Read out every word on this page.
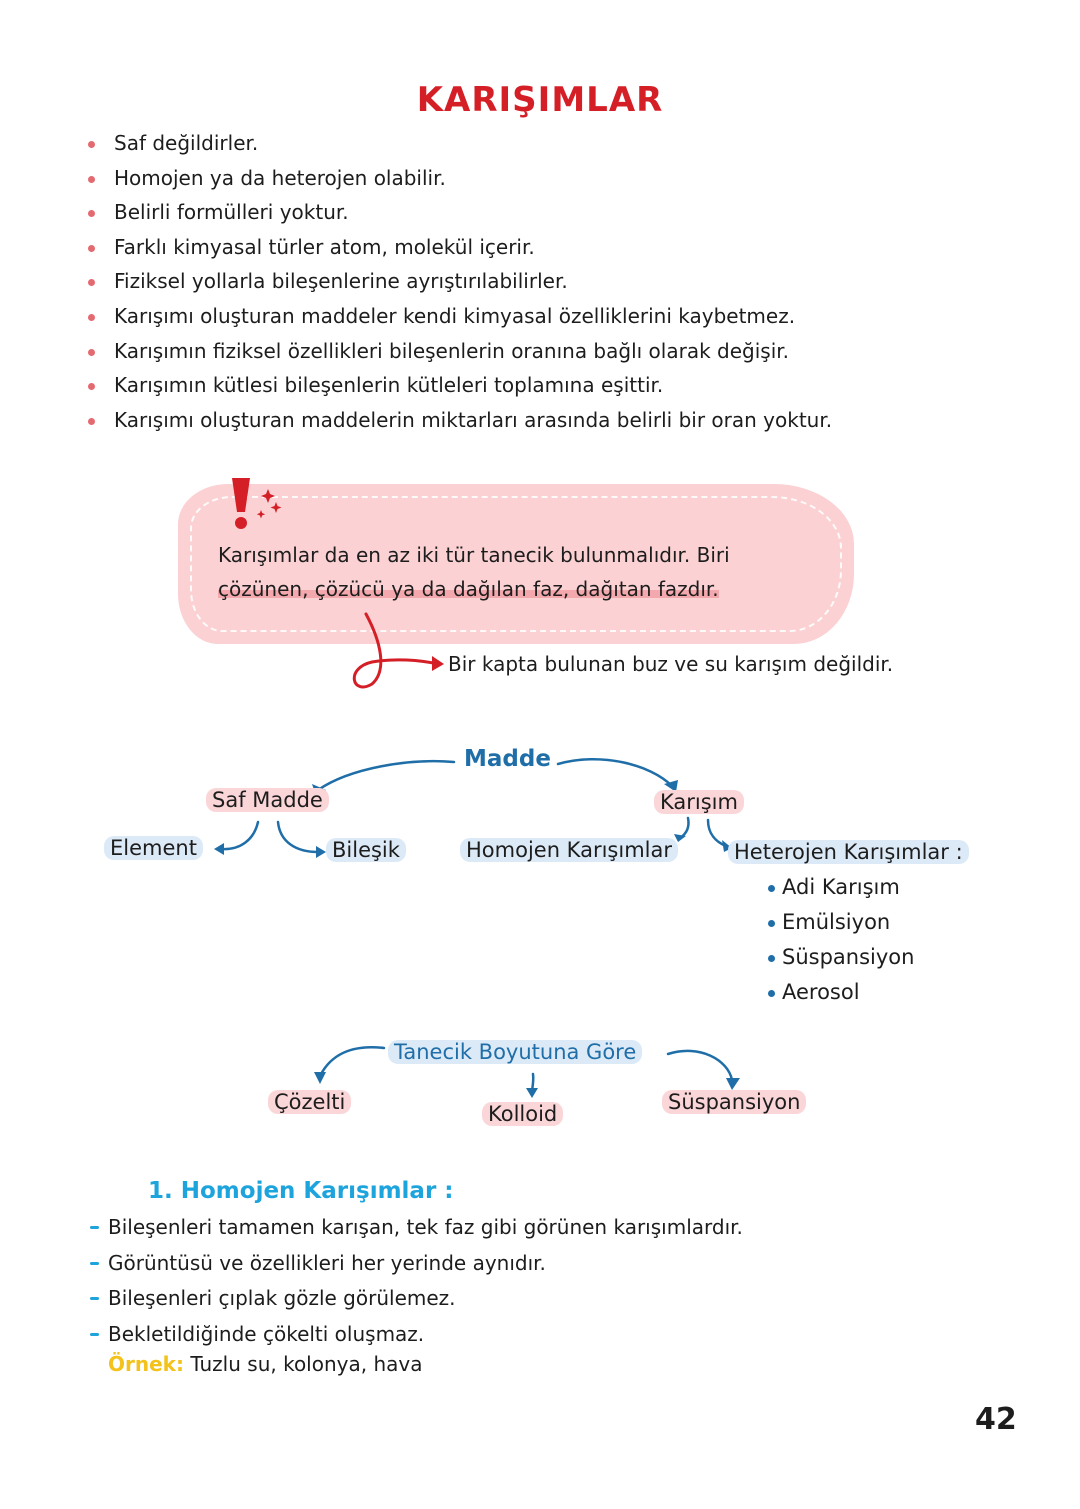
KARIŞIMLAR
Saf değildirler.
Homojen ya da heterojen olabilir.
Belirli formülleri yoktur.
Farklı kimyasal türler atom, molekül içerir.
Fiziksel yollarla bileşenlerine ayrıştırılabilirler.
Karışımı oluşturan maddeler kendi kimyasal özelliklerini kaybetmez.
Karışımın fiziksel özellikleri bileşenlerin oranına bağlı olarak değişir.
Karışımın kütlesi bileşenlerin kütleleri toplamına eşittir.
Karışımı oluşturan maddelerin miktarları arasında belirli bir oran yoktur.
Karışımlar da en az iki tür tanecik bulunmalıdır. Biri
çözünen, çözücü ya da dağılan faz, dağıtan fazdır.
Bir kapta bulunan buz ve su karışım değildir.
Madde
Saf Madde	Karışım
Element	Bileşik	Homojen Karışımlar	Heterojen Karışımlar :
Adi Karışım
Emülsiyon
Süspansiyon
Aerosol
Tanecik Boyutuna Göre
Çözelti	Kolloid	Süspansiyon
1. Homojen Karışımlar :
Bileşenleri tamamen karışan, tek faz gibi görünen karışımlardır.
Görüntüsü ve özellikleri her yerinde aynıdır.
Bileşenleri çıplak gözle görülemez.
Bekletildiğinde çökelti oluşmaz.
Örnek: Tuzlu su, kolonya, hava
42
